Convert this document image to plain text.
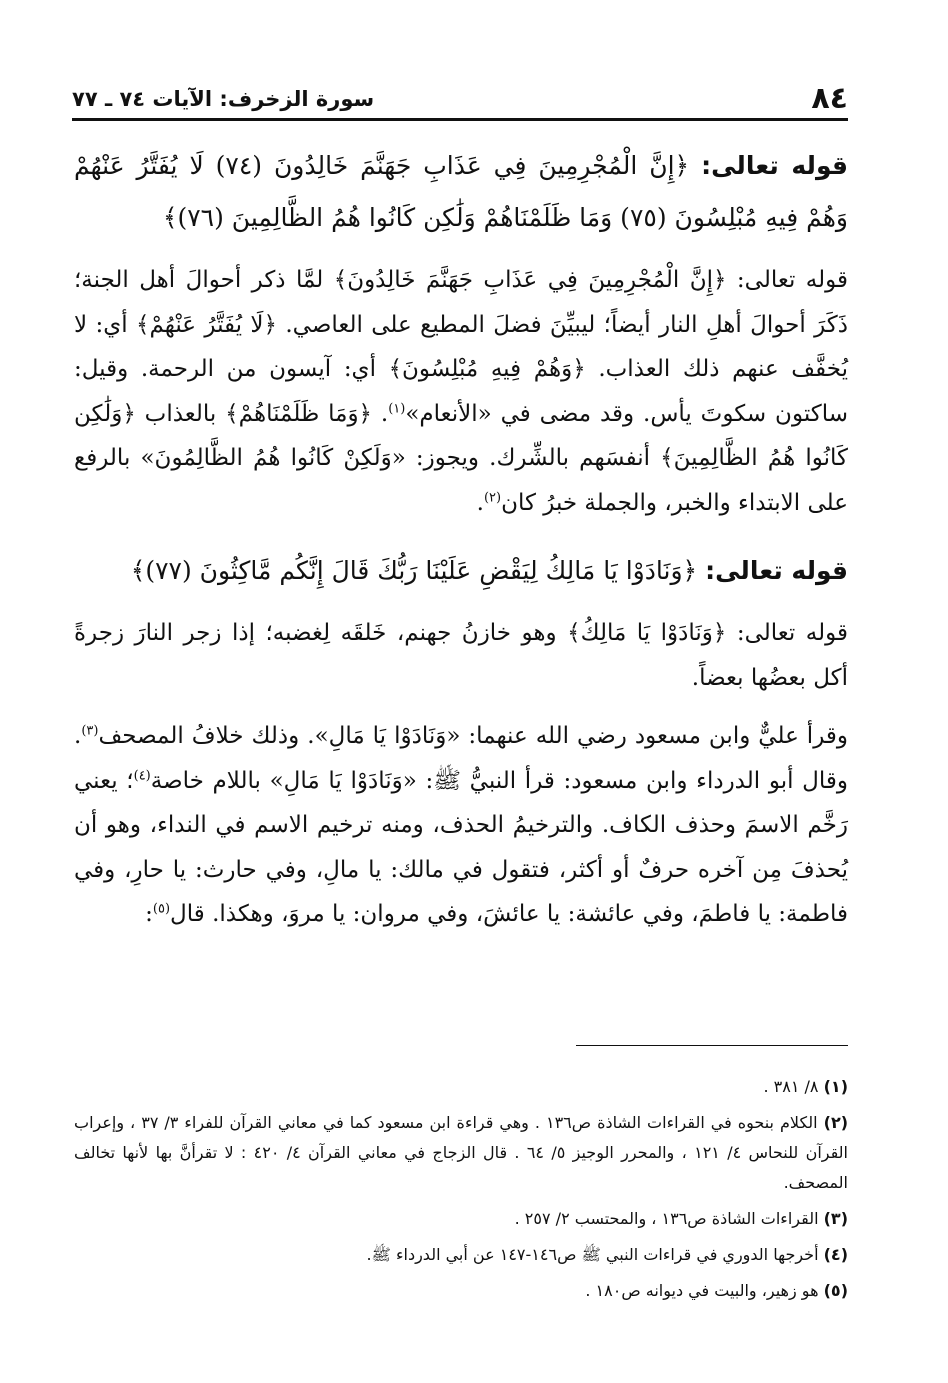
٨٤
سورة الزخرف: الآيات ٧٤ ـ ٧٧

قوله تعالى: ﴿إِنَّ الْمُجْرِمِينَ فِي عَذَابِ جَهَنَّمَ خَالِدُونَ (٧٤) لَا يُفَتَّرُ عَنْهُمْ وَهُمْ فِيهِ مُبْلِسُونَ (٧٥) وَمَا ظَلَمْنَاهُمْ وَلَٰكِن كَانُوا هُمُ الظَّالِمِينَ (٧٦)﴾

قوله تعالى: ﴿إِنَّ الْمُجْرِمِينَ فِي عَذَابِ جَهَنَّمَ خَالِدُونَ﴾ لمَّا ذكر أحوالَ أهل الجنة؛ ذَكَرَ أحوالَ أهلِ النار أيضاً؛ ليبيِّنَ فضلَ المطيع على العاصي. ﴿لَا يُفَتَّرُ عَنْهُمْ﴾ أي: لا يُخفَّف عنهم ذلك العذاب. ﴿وَهُمْ فِيهِ مُبْلِسُونَ﴾ أي: آيسون من الرحمة. وقيل: ساكتون سكوتَ يأس. وقد مضى في «الأنعام»$^{(١)}$. ﴿وَمَا ظَلَمْنَاهُمْ﴾ بالعذاب ﴿وَلَٰكِن كَانُوا هُمُ الظَّالِمِينَ﴾ أنفسَهم بالشِّرك. ويجوز: «وَلَكِنْ كَانُوا هُمُ الظَّالِمُونَ» بالرفع على الابتداء والخبر، والجملة خبرُ كان$^{(٢)}$.

قوله تعالى: ﴿وَنَادَوْا يَا مَالِكُ لِيَقْضِ عَلَيْنَا رَبُّكَ قَالَ إِنَّكُم مَّاكِثُونَ (٧٧)﴾

قوله تعالى: ﴿وَنَادَوْا يَا مَالِكُ﴾ وهو خازنُ جهنم، خَلقَه لِغضبه؛ إذا زجر النارَ زجرةً أكل بعضُها بعضاً.

وقرأ عليٌّ وابن مسعود رضي الله عنهما: «وَنَادَوْا يَا مَالِ». وذلك خلافُ المصحف$^{(٣)}$. وقال أبو الدرداء وابن مسعود: قرأ النبيُّ ﷺ: «وَنَادَوْا يَا مَالِ» باللام خاصة$^{(٤)}$؛ يعني رَخَّم الاسمَ وحذف الكاف. والترخيمُ الحذف، ومنه ترخيم الاسم في النداء، وهو أن يُحذفَ مِن آخره حرفٌ أو أكثر، فتقول في مالك: يا مالِ، وفي حارث: يا حارِ، وفي فاطمة: يا فاطمَ، وفي عائشة: يا عائشَ، وفي مروان: يا مروَ، وهكذا. قال$^{(٥)}$:

(١) ٨/ ٣٨١ .

(٢) الكلام بنحوه في القراءات الشاذة ص١٣٦ . وهي قراءة ابن مسعود كما في معاني القرآن للفراء ٣/ ٣٧ ، وإعراب القرآن للنحاس ٤/ ١٢١ ، والمحرر الوجيز ٥/ ٦٤ . قال الزجاج في معاني القرآن ٤/ ٤٢٠ : لا تقرأنَّ بها لأنها تخالف المصحف.

(٣) القراءات الشاذة ص١٣٦ ، والمحتسب ٢/ ٢٥٧ .

(٤) أخرجها الدوري في قراءات النبي ﷺ ص١٤٦-١٤٧ عن أبي الدرداء ﷺ.

(٥) هو زهير، والبيت في ديوانه ص١٨٠ .
